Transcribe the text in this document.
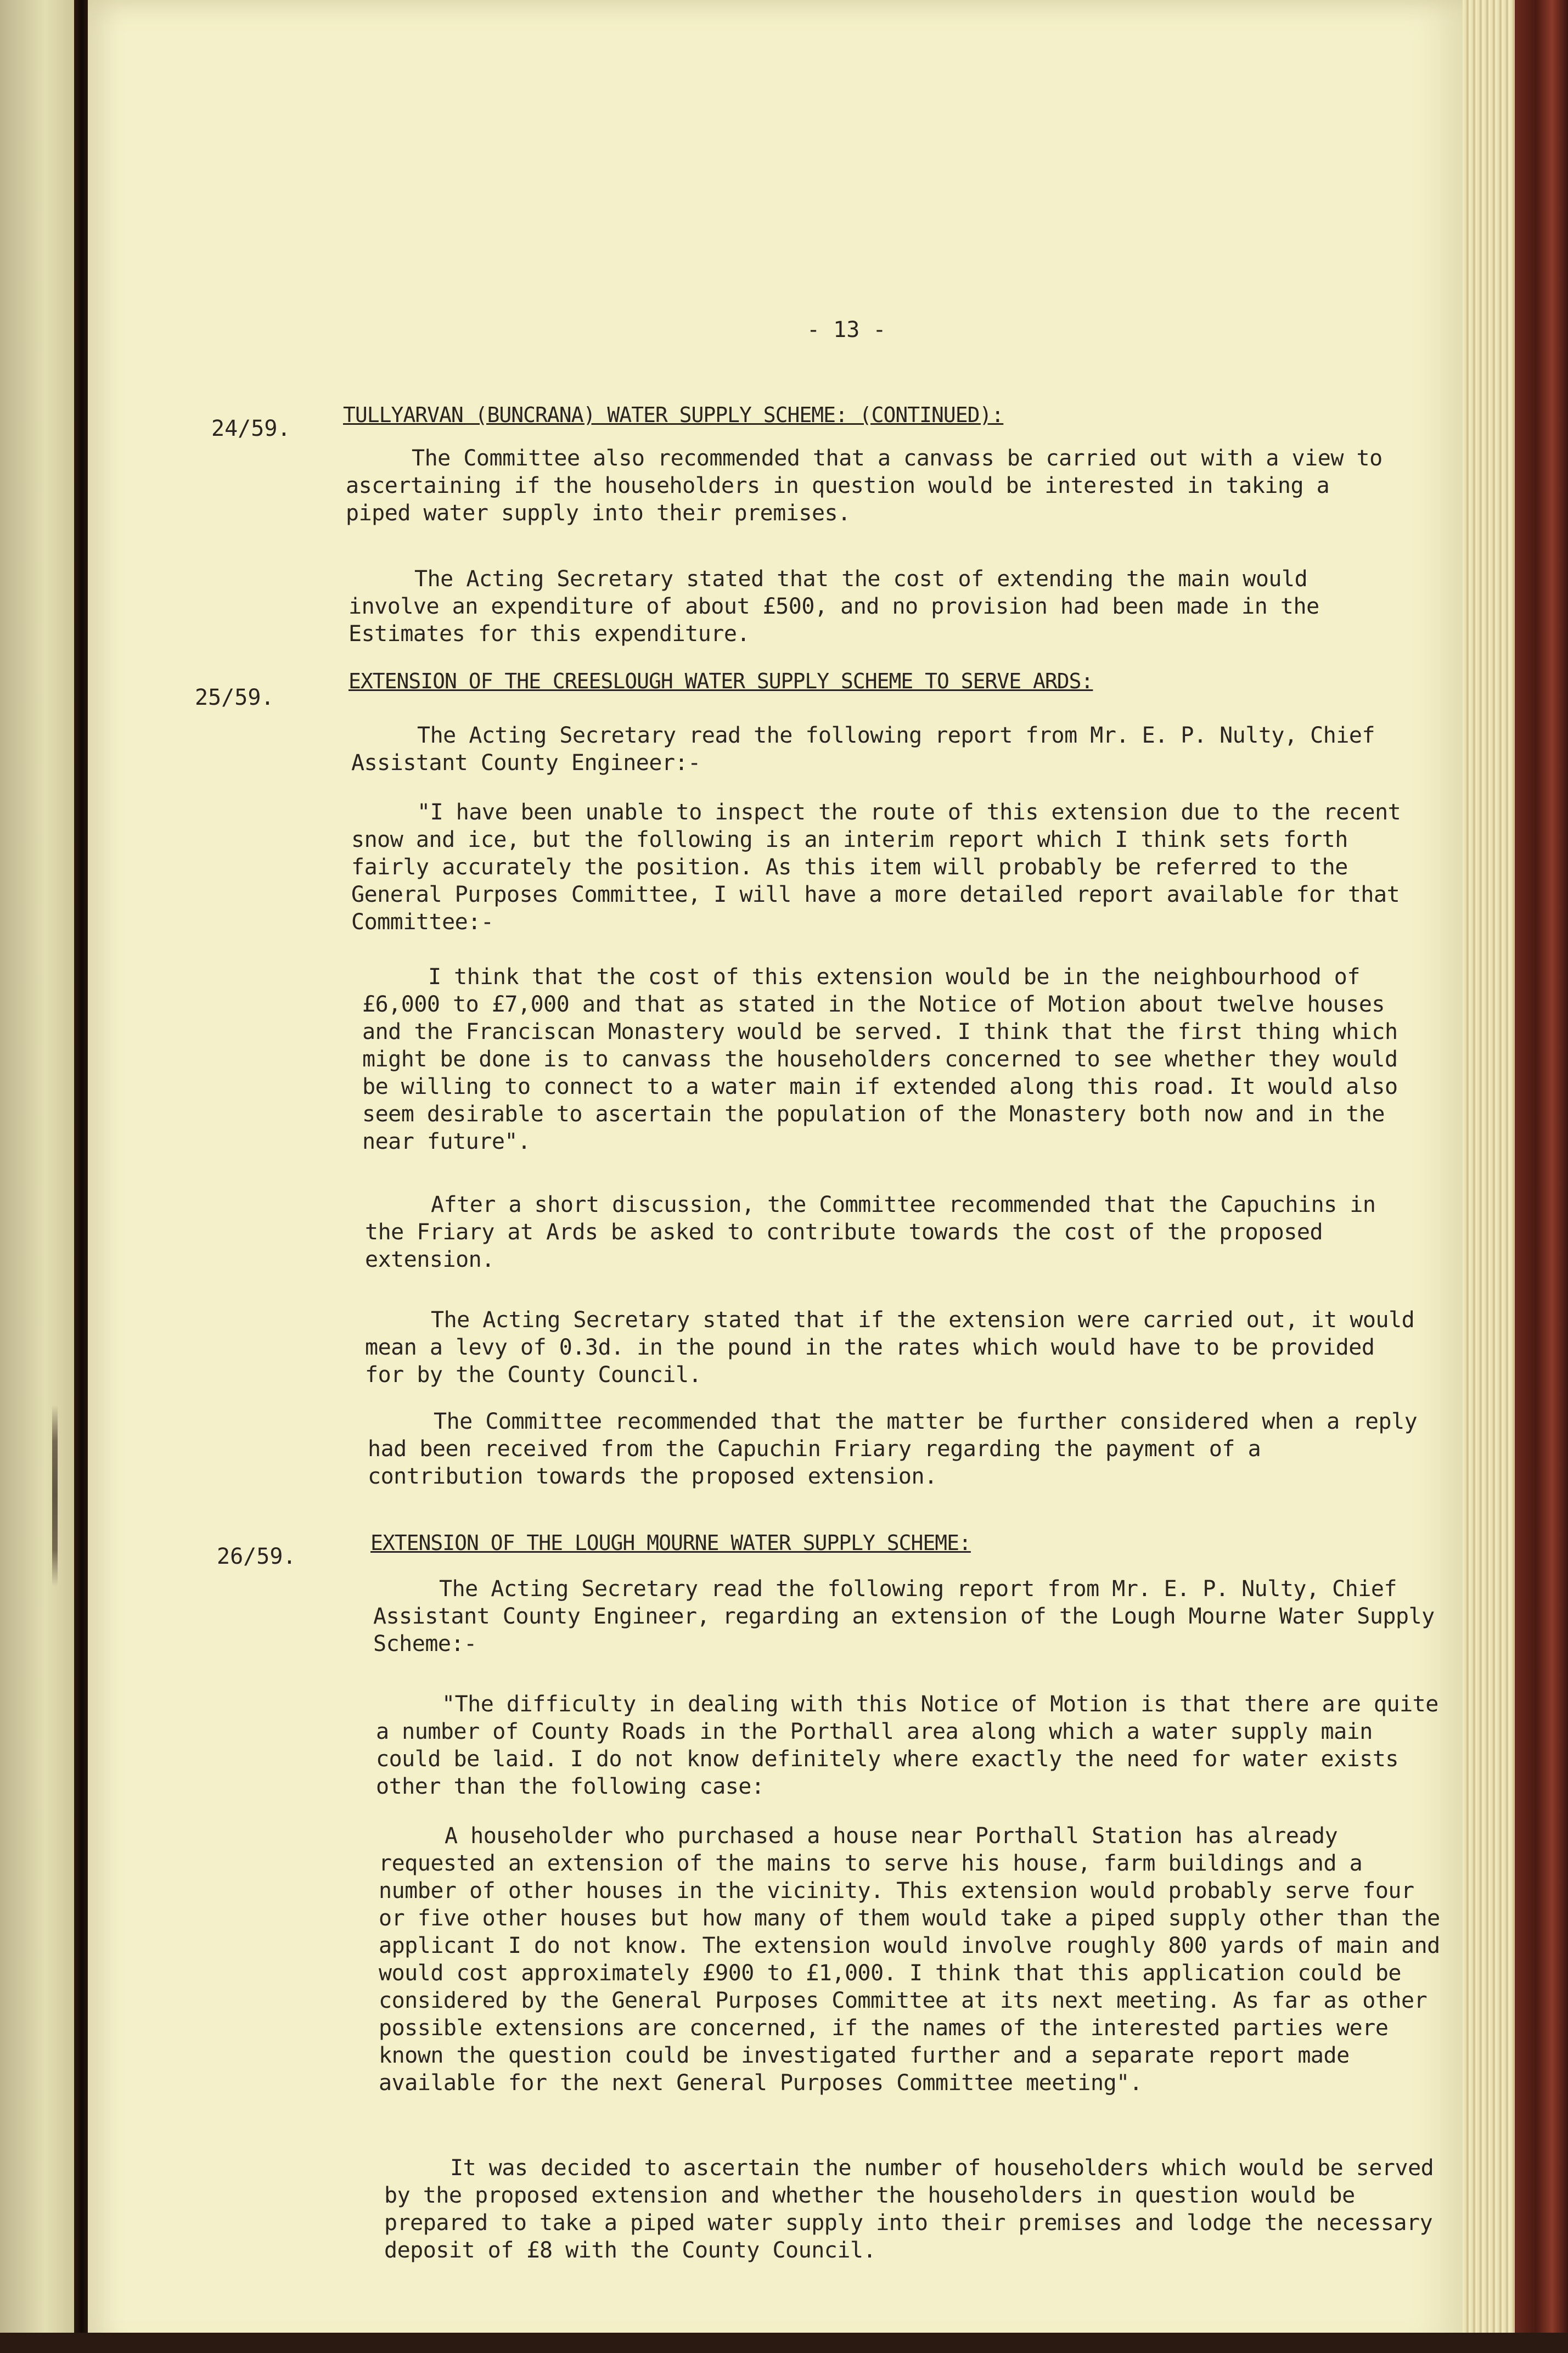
- 13 -
24/59.
TULLYARVAN (BUNCRANA) WATER SUPPLY SCHEME: (CONTINUED):
The Committee also recommended that a canvass be carried out with a view to ascertaining if the householders in question would be interested in taking a piped water supply into their premises.
The Acting Secretary stated that the cost of extending the main would involve an expenditure of about £500, and no provision had been made in the Estimates for this expenditure.
25/59.
EXTENSION OF THE CREESLOUGH WATER SUPPLY SCHEME TO SERVE ARDS:
The Acting Secretary read the following report from Mr. E. P. Nulty, Chief Assistant County Engineer:-
"I have been unable to inspect the route of this extension due to the recent snow and ice, but the following is an interim report which I think sets forth fairly accurately the position. As this item will probably be referred to the General Purposes Committee, I will have a more detailed report available for that Committee:-
I think that the cost of this extension would be in the neighbourhood of £6,000 to £7,000 and that as stated in the Notice of Motion about twelve houses and the Franciscan Monastery would be served. I think that the first thing which might be done is to canvass the householders concerned to see whether they would be willing to connect to a water main if extended along this road. It would also seem desirable to ascertain the population of the Monastery both now and in the near future".
After a short discussion, the Committee recommended that the Capuchins in the Friary at Ards be asked to contribute towards the cost of the proposed extension.
The Acting Secretary stated that if the extension were carried out, it would mean a levy of 0.3d. in the pound in the rates which would have to be provided for by the County Council.
The Committee recommended that the matter be further considered when a reply had been received from the Capuchin Friary regarding the payment of a contribution towards the proposed extension.
26/59.
EXTENSION OF THE LOUGH MOURNE WATER SUPPLY SCHEME:
The Acting Secretary read the following report from Mr. E. P. Nulty, Chief Assistant County Engineer, regarding an extension of the Lough Mourne Water Supply Scheme:-
"The difficulty in dealing with this Notice of Motion is that there are quite a number of County Roads in the Porthall area along which a water supply main could be laid. I do not know definitely where exactly the need for water exists other than the following case:
A householder who purchased a house near Porthall Station has already requested an extension of the mains to serve his house, farm buildings and a number of other houses in the vicinity. This extension would probably serve four or five other houses but how many of them would take a piped supply other than the applicant I do not know. The extension would involve roughly 800 yards of main and would cost approximately £900 to £1,000. I think that this application could be considered by the General Purposes Committee at its next meeting. As far as other possible extensions are concerned, if the names of the interested parties were known the question could be investigated further and a separate report made available for the next General Purposes Committee meeting".
It was decided to ascertain the number of householders which would be served by the proposed extension and whether the householders in question would be prepared to take a piped water supply into their premises and lodge the necessary deposit of £8 with the County Council.
